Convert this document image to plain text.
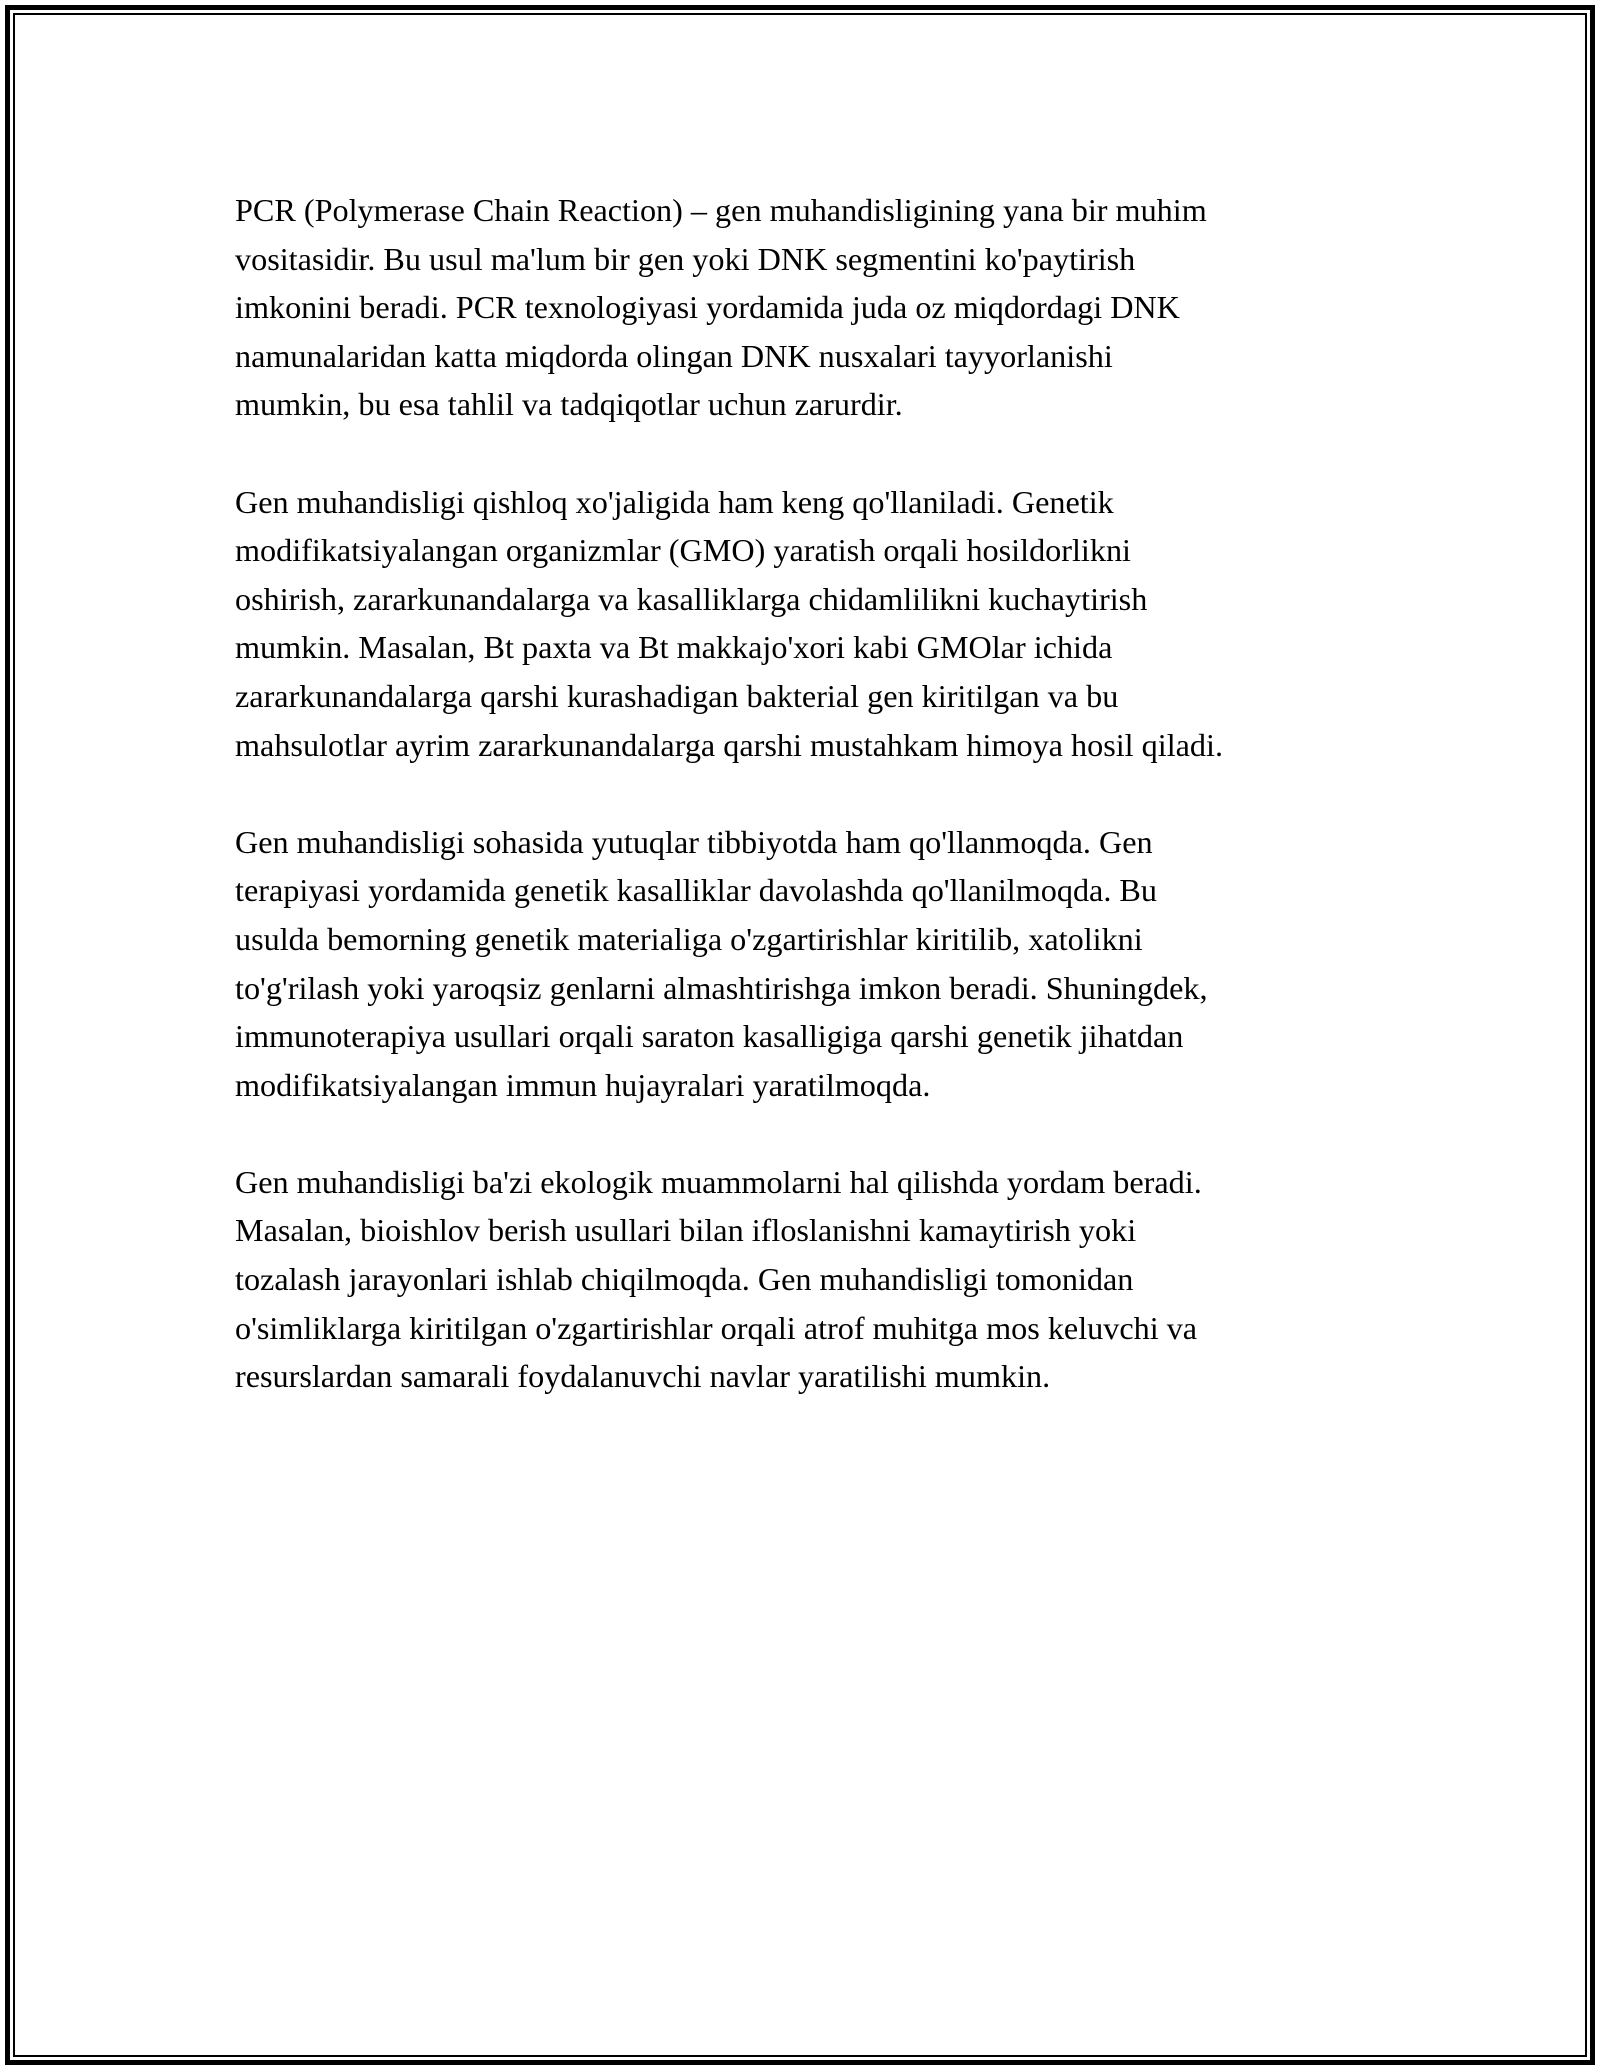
PCR (Polymerase Chain Reaction) – gen muhandisligining yana bir muhim
vositasidir. Bu usul ma'lum bir gen yoki DNK segmentini ko'paytirish
imkonini beradi. PCR texnologiyasi yordamida juda oz miqdordagi DNK
namunalaridan katta miqdorda olingan DNK nusxalari tayyorlanishi
mumkin, bu esa tahlil va tadqiqotlar uchun zarurdir.

Gen muhandisligi qishloq xo'jaligida ham keng qo'llaniladi. Genetik
modifikatsiyalangan organizmlar (GMO) yaratish orqali hosildorlikni
oshirish, zararkunandalarga va kasalliklarga chidamlilikni kuchaytirish
mumkin. Masalan, Bt paxta va Bt makkajo'xori kabi GMOlar ichida
zararkunandalarga qarshi kurashadigan bakterial gen kiritilgan va bu
mahsulotlar ayrim zararkunandalarga qarshi mustahkam himoya hosil qiladi.

Gen muhandisligi sohasida yutuqlar tibbiyotda ham qo'llanmoqda. Gen
terapiyasi yordamida genetik kasalliklar davolashda qo'llanilmoqda. Bu
usulda bemorning genetik materialiga o'zgartirishlar kiritilib, xatolikni
to'g'rilash yoki yaroqsiz genlarni almashtirishga imkon beradi. Shuningdek,
immunoterapiya usullari orqali saraton kasalligiga qarshi genetik jihatdan
modifikatsiyalangan immun hujayralari yaratilmoqda.

Gen muhandisligi ba'zi ekologik muammolarni hal qilishda yordam beradi.
Masalan, bioishlov berish usullari bilan ifloslanishni kamaytirish yoki
tozalash jarayonlari ishlab chiqilmoqda. Gen muhandisligi tomonidan
o'simliklarga kiritilgan o'zgartirishlar orqali atrof muhitga mos keluvchi va
resurslardan samarali foydalanuvchi navlar yaratilishi mumkin.
